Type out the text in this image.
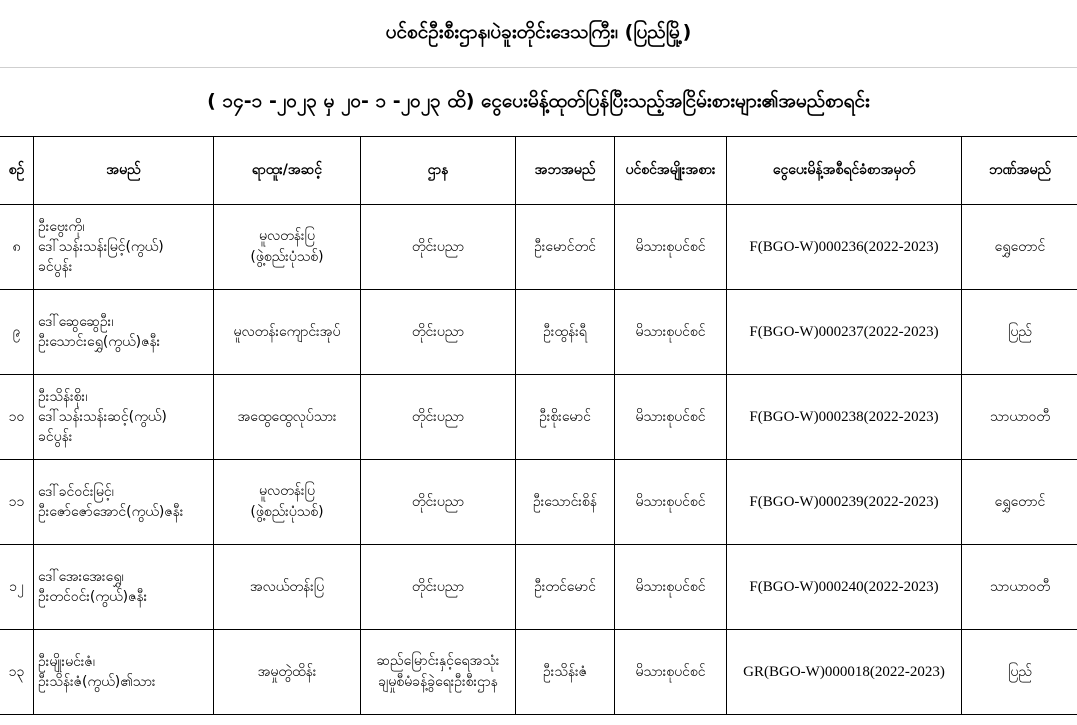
ပင်စင်ဦးစီးဌာန၊ပဲခူးတိုင်းဒေသကြီး၊ (ပြည်မြို့)
( ၁၄-၁ -၂၀၂၃ မှ ၂၀- ၁ -၂၀၂၃ ထိ) ငွေပေးမိန့်ထုတ်ပြန်ပြီးသည့်အငြိမ်းစားများ၏အမည်စာရင်း
စဉ်	အမည်	ရာထူး/အဆင့်	ဌာန	အဘအမည်	ပင်စင်အမျိုးအစား	ငွေပေးမိန့်အစီရင်ခံစာအမှတ်	ဘဏ်အမည်
၈	ဦးဗွေးကို၊
ဒေါ်သန်းသန်းမြင့်(ကွယ်)
ခင်ပွန်း	မူလတန်းပြ
(ဖွဲ့စည်းပုံသစ်)	တိုင်းပညာ	ဦးမောင်တင်	မိသားစုပင်စင်	F(BGO-W)000236(2022-2023)	ရွှေတောင်
၉	ဒေါ်ဆွေဆွေဦး၊
ဦးသောင်းရွှေ(ကွယ်)ဇနီး	မူလတန်းကျောင်းအုပ်	တိုင်းပညာ	ဦးထွန်းရီ	မိသားစုပင်စင်	F(BGO-W)000237(2022-2023)	ပြည်
၁၀	ဦးသိန်းစိုး၊
ဒေါ်သန်းသန်းဆင့်(ကွယ်)
ခင်ပွန်း	အထွေထွေလုပ်သား	တိုင်းပညာ	ဦးစိုးမောင်	မိသားစုပင်စင်	F(BGO-W)000238(2022-2023)	သာယာဝတီ
၁၁	ဒေါ်ခင်ဝင်းမြင့်၊
ဦးဇော်ဇော်အောင်(ကွယ်)ဇနီး	မူလတန်းပြ
(ဖွဲ့စည်းပုံသစ်)	တိုင်းပညာ	ဦးသောင်းစိန်	မိသားစုပင်စင်	F(BGO-W)000239(2022-2023)	ရွှေတောင်
၁၂	ဒေါ်အေးအေးရွှေ၊
ဦးတင်ဝင်း(ကွယ်)ဇနီး	အလယ်တန်းပြ	တိုင်းပညာ	ဦးတင်မောင်	မိသားစုပင်စင်	F(BGO-W)000240(2022-2023)	သာယာဝတီ
၁၃	ဦးမျိုးမင်းဇံ၊
ဦးသိန်းဇံ(ကွယ်)၏သား	အမှုတွဲထိန်း	ဆည်မြောင်းနှင့်ရေအသုံး
ချမှုစီမံခန့်ခွဲရေးဦးစီးဌာန	ဦးသိန်းဇံ	မိသားစုပင်စင်	GR(BGO-W)000018(2022-2023)	ပြည်
